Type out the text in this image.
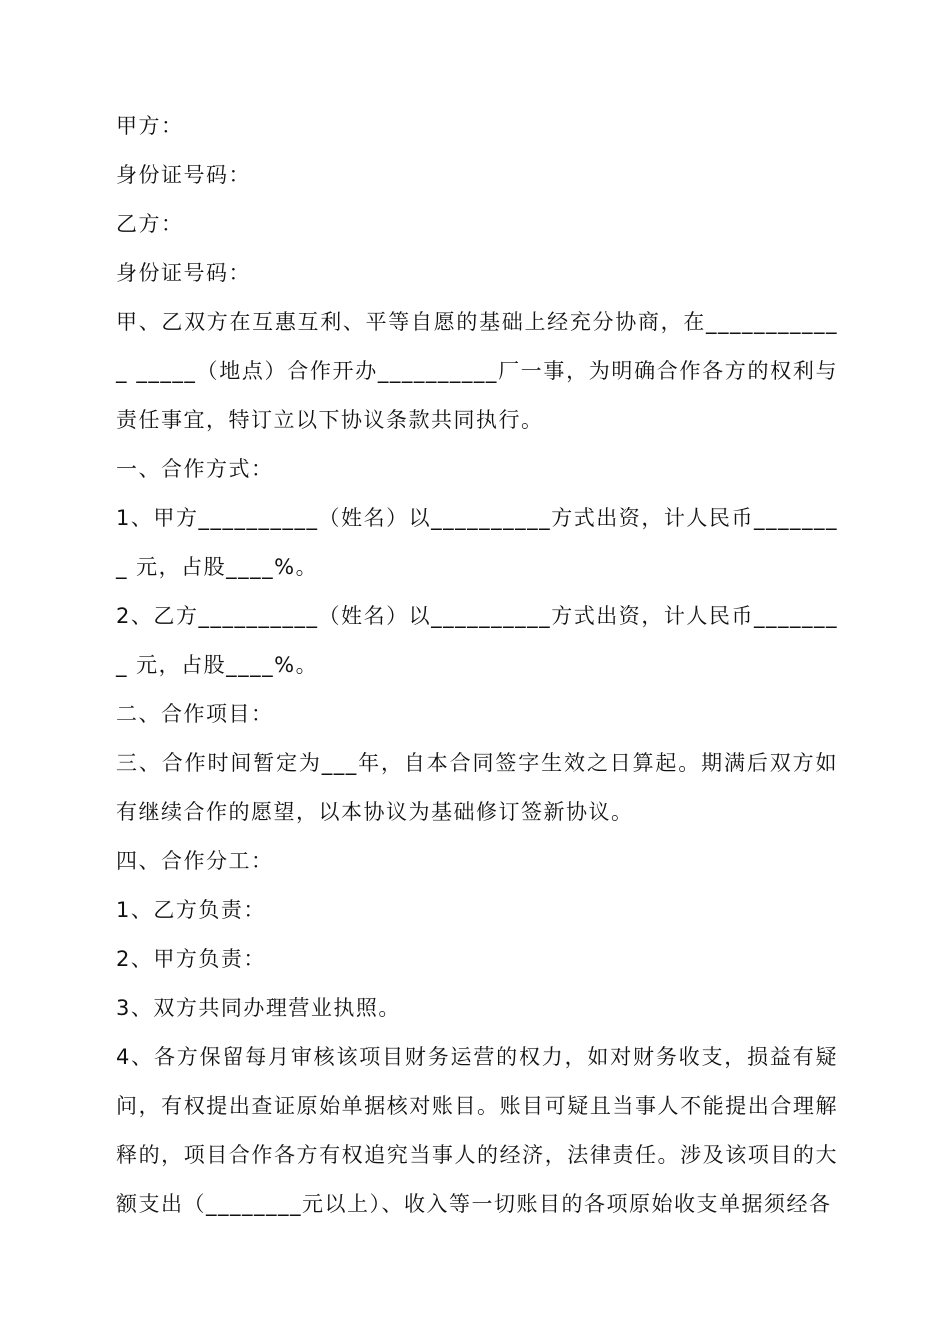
甲方：

身份证号码：

乙方：

身份证号码：

甲、乙双方在互惠互利、平等自愿的基础上经充分协商，在____________ _____（地点）合作开办__________厂一事，为明确合作各方的权利与责任事宜，特订立以下协议条款共同执行。

一、合作方式：

1、甲方__________（姓名）以__________方式出资，计人民币________ 元，占股____%。

2、乙方__________（姓名）以__________方式出资，计人民币________ 元，占股____%。

二、合作项目：

三、合作时间暂定为___年，自本合同签字生效之日算起。期满后双方如有继续合作的愿望，以本协议为基础修订签新协议。

四、合作分工：

1、乙方负责：

2、甲方负责：

3、双方共同办理营业执照。

4、各方保留每月审核该项目财务运营的权力，如对财务收支，损益有疑问，有权提出查证原始单据核对账目。账目可疑且当事人不能提出合理解释的，项目合作各方有权追究当事人的经济，法律责任。涉及该项目的大额支出（________元以上）、收入等一切账目的各项原始收支单据须经各
